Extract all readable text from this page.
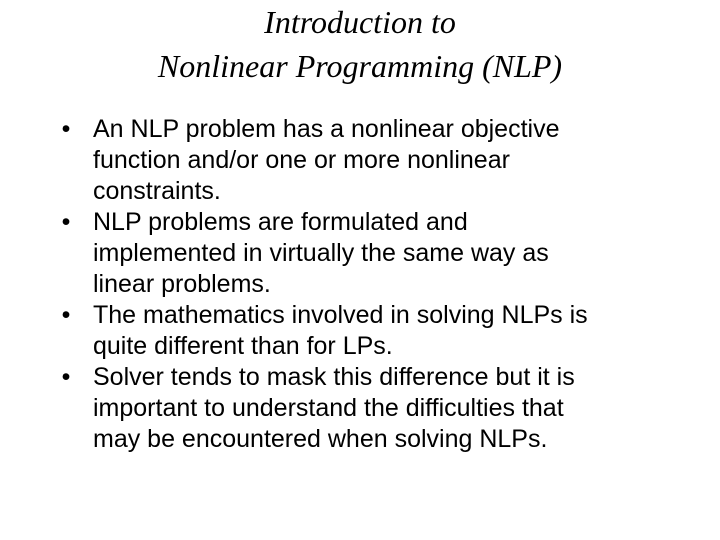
Introduction to
Nonlinear Programming (NLP)
• An NLP problem has a nonlinear objective
function and/or one or more nonlinear
constraints.
• NLP problems are formulated and
implemented in virtually the same way as
linear problems.
• The mathematics involved in solving NLPs is
quite different than for LPs.
• Solver tends to mask this difference but it is
important to understand the difficulties that
may be encountered when solving NLPs.
